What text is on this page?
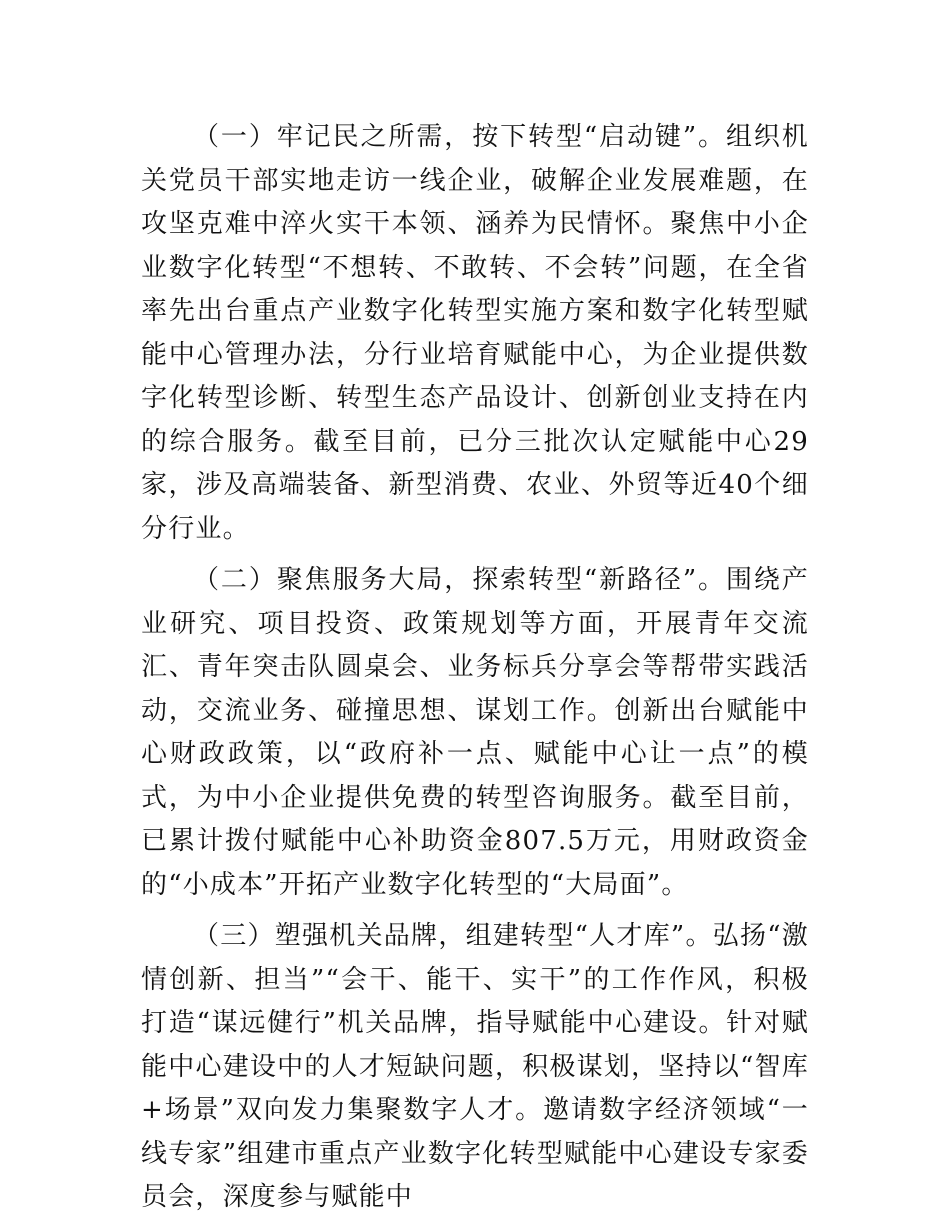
（一）牢记民之所需，按下转型“启动键”。组织机关党员干部实地走访一线企业，破解企业发展难题，在攻坚克难中淬火实干本领、涵养为民情怀。聚焦中小企业数字化转型“不想转、不敢转、不会转”问题，在全省率先出台重点产业数字化转型实施方案和数字化转型赋能中心管理办法，分行业培育赋能中心，为企业提供数字化转型诊断、转型生态产品设计、创新创业支持在内的综合服务。截至目前，已分三批次认定赋能中心29家，涉及高端装备、新型消费、农业、外贸等近40个细分行业。

（二）聚焦服务大局，探索转型“新路径”。围绕产业研究、项目投资、政策规划等方面，开展青年交流汇、青年突击队圆桌会、业务标兵分享会等帮带实践活动，交流业务、碰撞思想、谋划工作。创新出台赋能中心财政政策，以“政府补一点、赋能中心让一点”的模式，为中小企业提供免费的转型咨询服务。截至目前，已累计拨付赋能中心补助资金807.5万元，用财政资金的“小成本”开拓产业数字化转型的“大局面”。

（三）塑强机关品牌，组建转型“人才库”。弘扬“激情创新、担当”“会干、能干、实干”的工作作风，积极打造“谋远健行”机关品牌，指导赋能中心建设。针对赋能中心建设中的人才短缺问题，积极谋划，坚持以“智库+场景”双向发力集聚数字人才。邀请数字经济领域“一线专家”组建市重点产业数字化转型赋能中心建设专家委员会，深度参与赋能中
